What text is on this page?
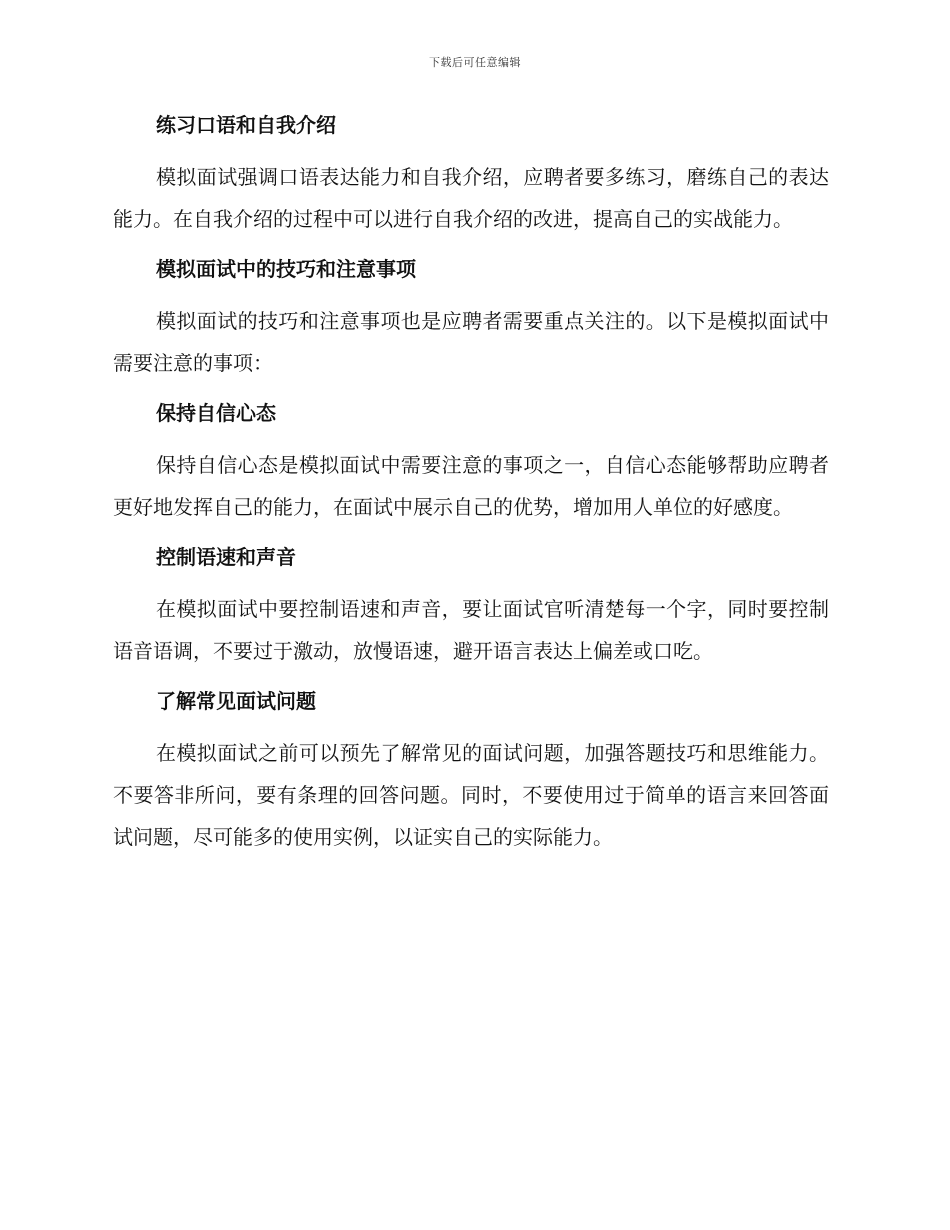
下载后可任意编辑
练习口语和自我介绍

模拟面试强调口语表达能力和自我介绍，应聘者要多练习，磨练自己的表达能力。在自我介绍的过程中可以进行自我介绍的改进，提高自己的实战能力。

模拟面试中的技巧和注意事项

模拟面试的技巧和注意事项也是应聘者需要重点关注的。以下是模拟面试中需要注意的事项：

保持自信心态

保持自信心态是模拟面试中需要注意的事项之一，自信心态能够帮助应聘者更好地发挥自己的能力，在面试中展示自己的优势，增加用人单位的好感度。

控制语速和声音

在模拟面试中要控制语速和声音，要让面试官听清楚每一个字，同时要控制语音语调，不要过于激动，放慢语速，避开语言表达上偏差或口吃。

了解常见面试问题

在模拟面试之前可以预先了解常见的面试问题，加强答题技巧和思维能力。不要答非所问，要有条理的回答问题。同时，不要使用过于简单的语言来回答面试问题，尽可能多的使用实例，以证实自己的实际能力。
